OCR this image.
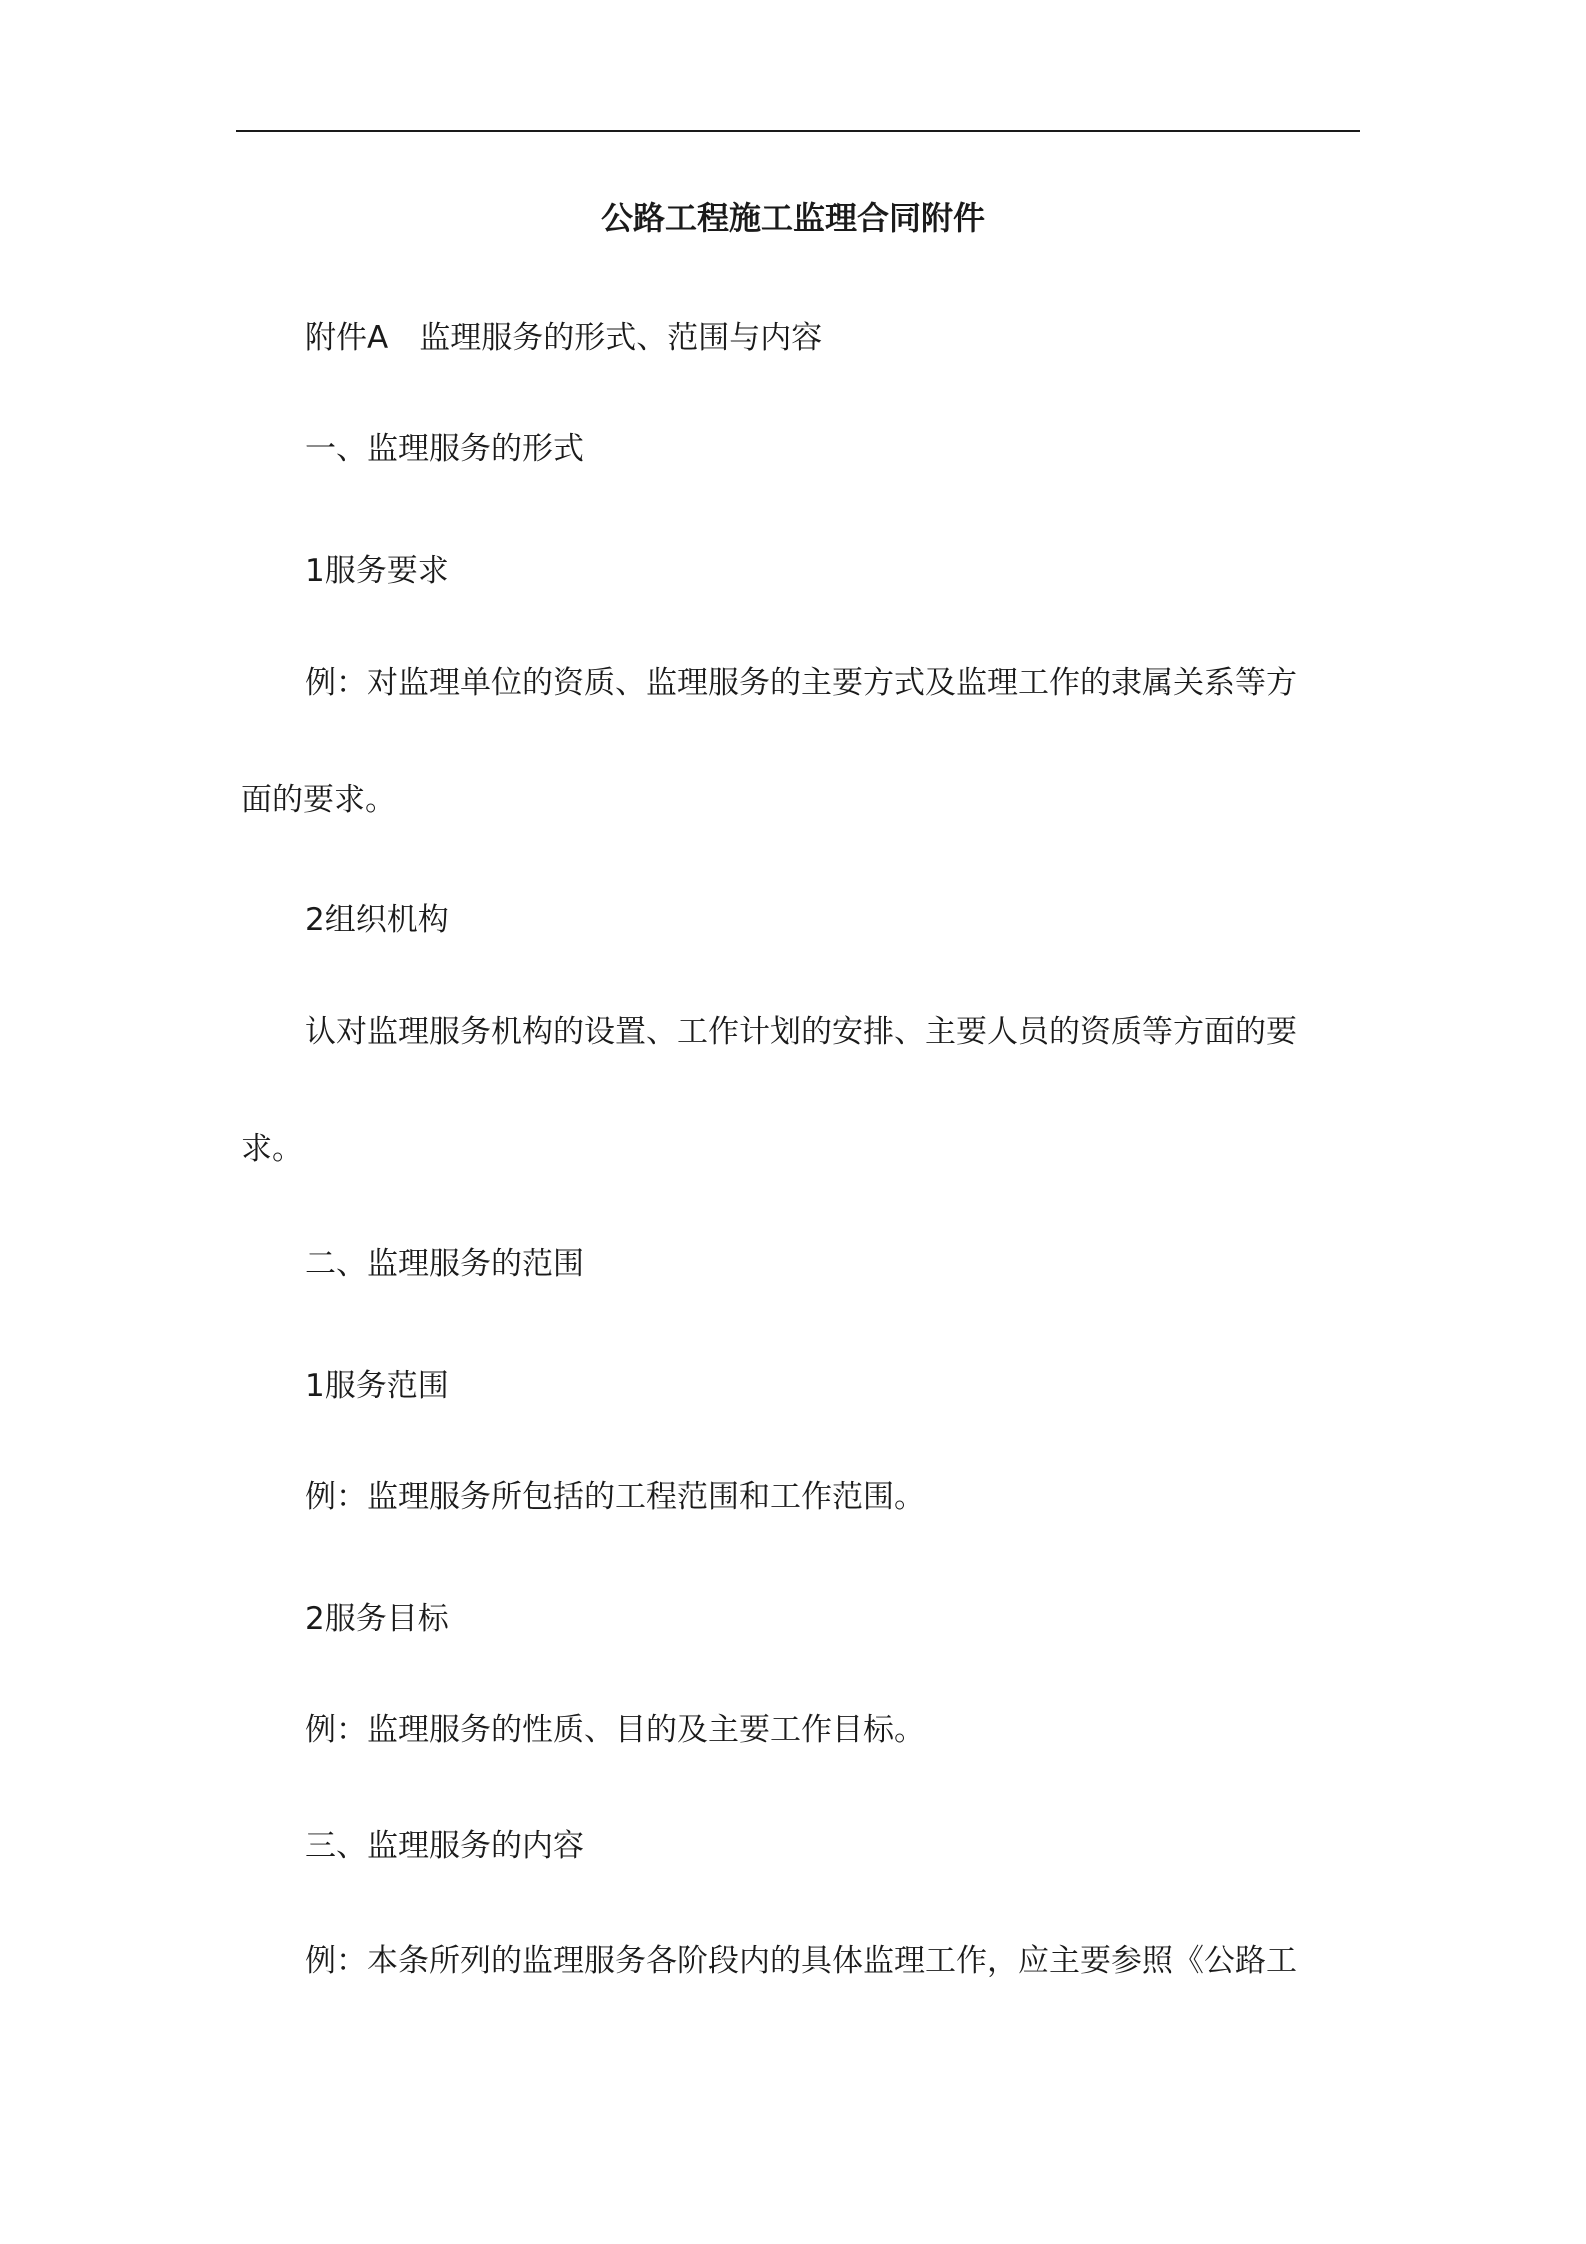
公路工程施工监理合同附件
附件A　监理服务的形式、范围与内容
一、监理服务的形式
1服务要求
例：对监理单位的资质、监理服务的主要方式及监理工作的隶属关系等方
面的要求。
2组织机构
认对监理服务机构的设置、工作计划的安排、主要人员的资质等方面的要
求。
二、监理服务的范围
1服务范围
例：监理服务所包括的工程范围和工作范围。
2服务目标
例：监理服务的性质、目的及主要工作目标。
三、监理服务的内容
例：本条所列的监理服务各阶段内的具体监理工作，应主要参照《公路工
